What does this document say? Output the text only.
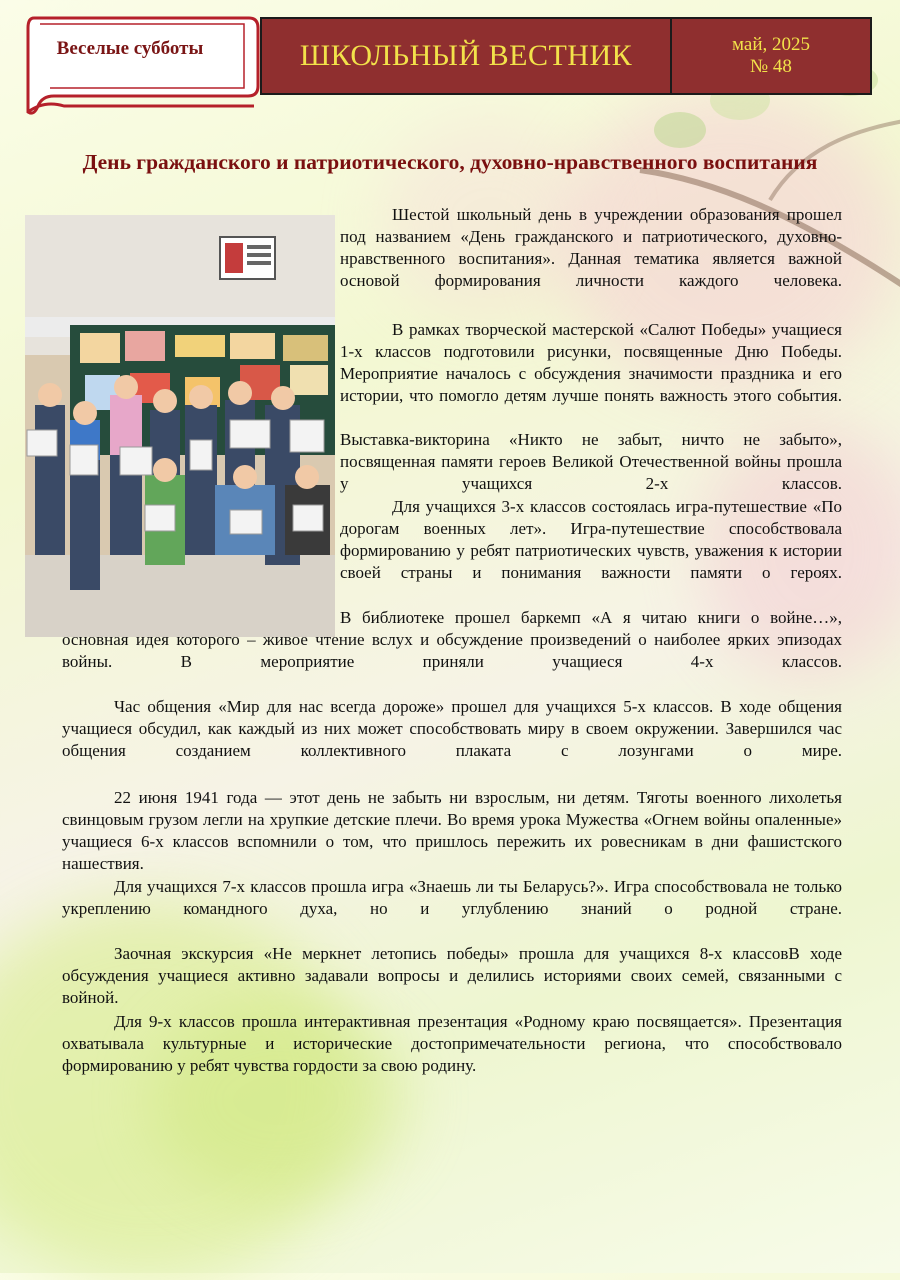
Веселые субботы	ШКОЛЬНЫЙ ВЕСТНИК	май, 2025
№ 48
День гражданского и патриотического, духовно-нравственного воспитания

Шестой школьный день в учреждении образования прошел под названием «День гражданского и патриотического, духовно-нравственного воспитания». Данная тематика является важной основой формирования личности каждого человека.

В рамках творческой мастерской «Салют Победы» учащиеся 1-х классов подготовили рисунки, посвященные Дню Победы. Мероприятие началось с обсуждения значимости праздника и его истории, что помогло детям лучше понять важность этого события.

Выставка-викторина «Никто не забыт, ничто не забыто», посвященная памяти героев Великой Отечественной войны прошла у учащихся 2-х классов.

Для учащихся 3-х классов состоялась игра-путешествие «По дорогам военных лет». Игра-путешествие способствовала формированию у ребят патриотических чувств, уважения к истории своей страны и понимания важности памяти о героях.

В библиотеке прошел баркемп «А я читаю книги о войне…», основная идея которого – живое чтение вслух и обсуждение произведений о наиболее ярких эпизодах войны. В мероприятие приняли учащиеся 4-х классов.

Час общения «Мир для нас всегда дороже» прошел для учащихся 5-х классов. В ходе общения учащиеся обсудил, как каждый из них может способствовать миру в своем окружении. Завершился час общения созданием коллективного плаката с лозунгами о мире.

22 июня 1941 года — этот день не забыть ни взрослым, ни детям. Тяготы военного лихолетья свинцовым грузом легли на хрупкие детские плечи. Во время урока Мужества «Огнем войны опаленные» учащиеся 6-х классов вспомнили о том, что пришлось пережить их ровесникам в дни фашистского нашествия.

Для учащихся 7-х классов прошла игра «Знаешь ли ты Беларусь?». Игра способствовала не только укреплению командного духа, но и углублению знаний о родной стране.

Заочная экскурсия «Не меркнет летопись победы» прошла для учащихся 8-х классовВ ходе обсуждения учащиеся активно задавали вопросы и делились историями своих семей, связанными с войной.

Для 9-х классов прошла интерактивная презентация «Родному краю посвящается». Презентация охватывала культурные и исторические достопримечательности региона, что способствовало формированию у ребят чувства гордости за свою родину.
